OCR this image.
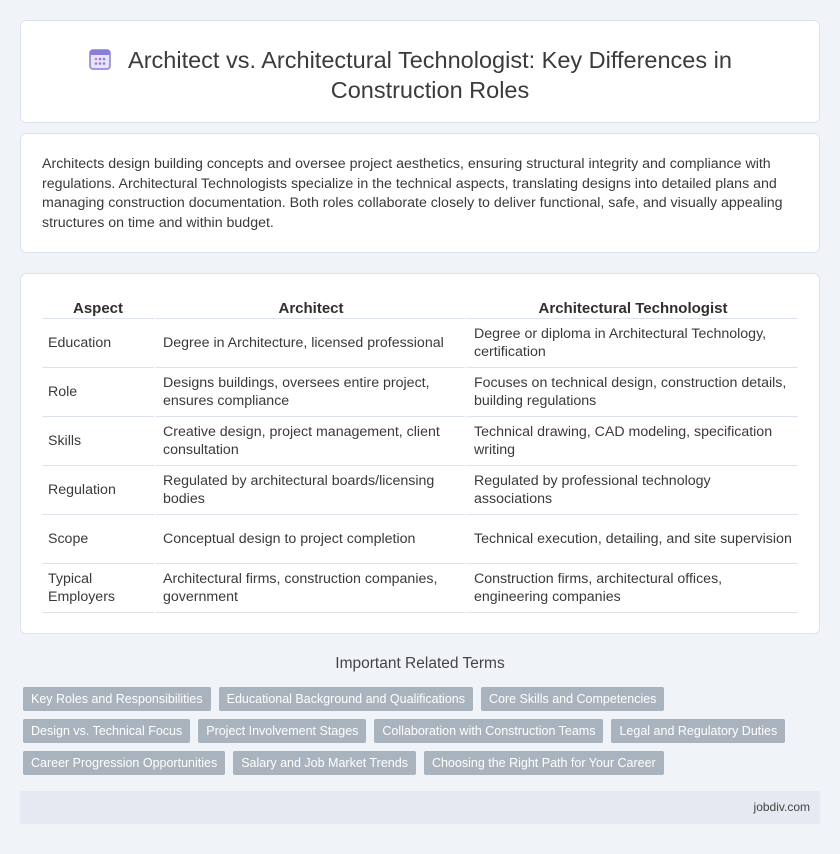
Architect vs. Architectural Technologist: Key Differences in Construction Roles

Architects design building concepts and oversee project aesthetics, ensuring structural integrity and compliance with regulations. Architectural Technologists specialize in the technical aspects, translating designs into detailed plans and managing construction documentation. Both roles collaborate closely to deliver functional, safe, and visually appealing structures on time and within budget.

Aspect	Architect	Architectural Technologist
Education	Degree in Architecture, licensed professional	Degree or diploma in Architectural Technology, certification
Role	Designs buildings, oversees entire project, ensures compliance	Focuses on technical design, construction details, building regulations
Skills	Creative design, project management, client consultation	Technical drawing, CAD modeling, specification writing
Regulation	Regulated by architectural boards/licensing bodies	Regulated by professional technology associations
Scope	Conceptual design to project completion	Technical execution, detailing, and site supervision
Typical Employers	Architectural firms, construction companies, government	Construction firms, architectural offices, engineering companies
Important Related Terms
Key Roles and Responsibilities	Educational Background and Qualifications	Core Skills and Competencies
Design vs. Technical Focus	Project Involvement Stages	Collaboration with Construction Teams	Legal and Regulatory Duties
Career Progression Opportunities	Salary and Job Market Trends	Choosing the Right Path for Your Career
jobdiv.com
